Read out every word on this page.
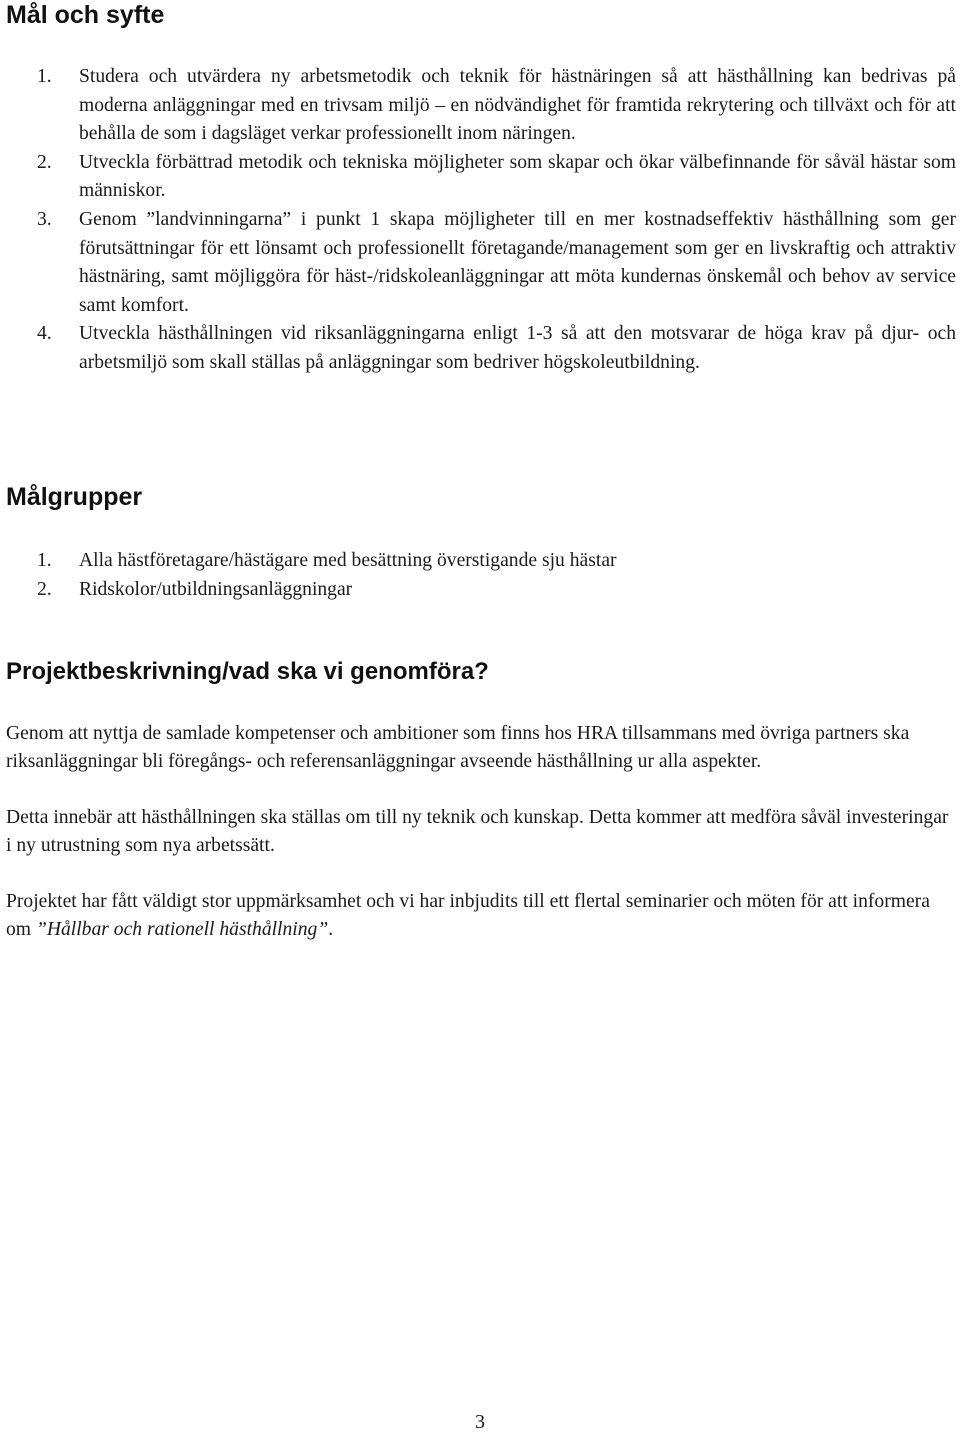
Mål och syfte
1. Studera och utvärdera ny arbetsmetodik och teknik för hästnäringen så att hästhållning kan bedrivas på moderna anläggningar med en trivsam miljö – en nödvändighet för framtida rekrytering och tillväxt och för att behålla de som i dagsläget verkar professionellt inom näringen.
2. Utveckla förbättrad metodik och tekniska möjligheter som skapar och ökar välbefinnande för såväl hästar som människor.
3. Genom ”landvinningarna” i punkt 1 skapa möjligheter till en mer kostnadseffektiv hästhållning som ger förutsättningar för ett lönsamt och professionellt företagande/management som ger en livskraftig och attraktiv hästnäring, samt möjliggöra för häst-/ridskoleanläggningar att möta kundernas önskemål och behov av service samt komfort.
4. Utveckla hästhållningen vid riksanläggningarna enligt 1-3 så att den motsvarar de höga krav på djur- och arbetsmiljö som skall ställas på anläggningar som bedriver högskoleutbildning.
Målgrupper
1. Alla hästföretagare/hästägare med besättning överstigande sju hästar
2. Ridskolor/utbildningsanläggningar
Projektbeskrivning/vad ska vi genomföra?

Genom att nyttja de samlade kompetenser och ambitioner som finns hos HRA tillsammans med övriga partners ska riksanläggningar bli föregångs- och referensanläggningar avseende hästhållning ur alla aspekter.

Detta innebär att hästhållningen ska ställas om till ny teknik och kunskap. Detta kommer att medföra såväl investeringar i ny utrustning som nya arbetssätt.

Projektet har fått väldigt stor uppmärksamhet och vi har inbjudits till ett flertal seminarier och möten för att informera om ”Hållbar och rationell hästhållning”.

3
